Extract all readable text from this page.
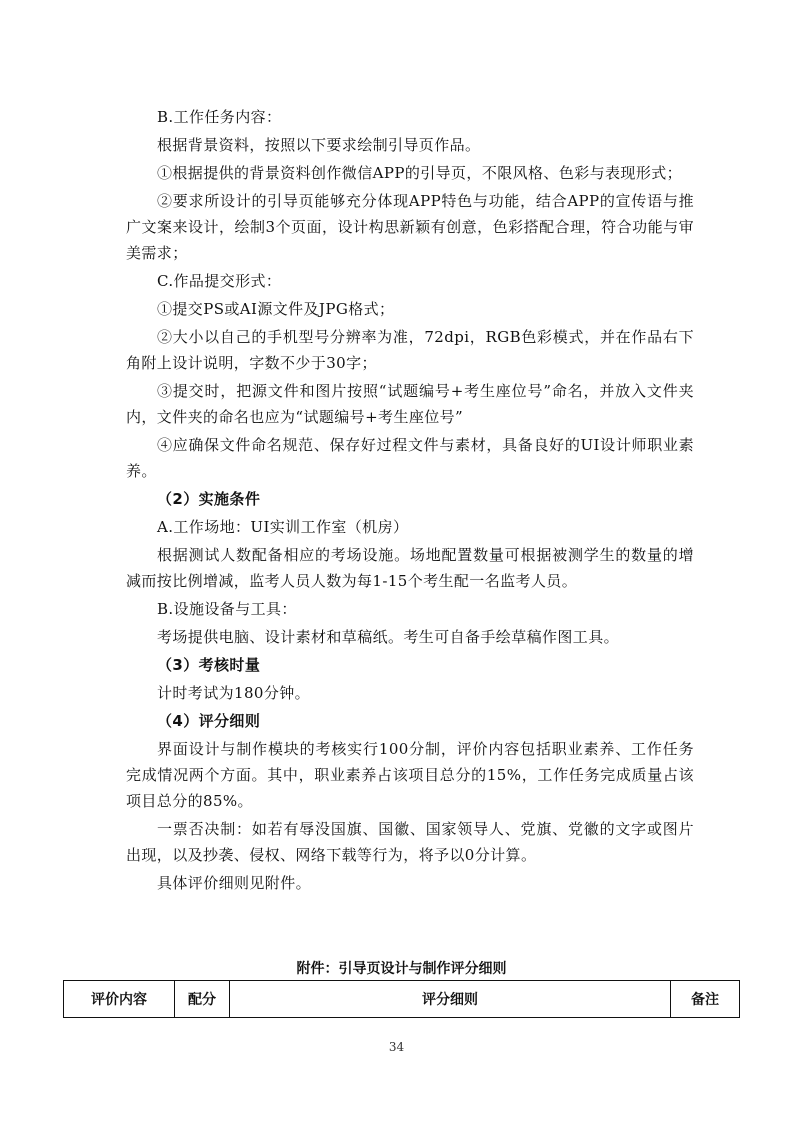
B.工作任务内容：

根据背景资料，按照以下要求绘制引导页作品。

①根据提供的背景资料创作微信APP的引导页，不限风格、色彩与表现形式；

②要求所设计的引导页能够充分体现APP特色与功能，结合APP的宣传语与推广文案来设计，绘制3个页面，设计构思新颖有创意，色彩搭配合理，符合功能与审美需求；

C.作品提交形式：

①提交PS或AI源文件及JPG格式；

②大小以自己的手机型号分辨率为准，72dpi，RGB色彩模式，并在作品右下角附上设计说明，字数不少于30字；

③提交时，把源文件和图片按照“试题编号+考生座位号”命名，并放入文件夹内，文件夹的命名也应为“试题编号+考生座位号”

④应确保文件命名规范、保存好过程文件与素材，具备良好的UI设计师职业素养。

（2）实施条件

A.工作场地：UI实训工作室（机房）

根据测试人数配备相应的考场设施。场地配置数量可根据被测学生的数量的增减而按比例增减，监考人员人数为每1-15个考生配一名监考人员。

B.设施设备与工具：

考场提供电脑、设计素材和草稿纸。考生可自备手绘草稿作图工具。

（3）考核时量

计时考试为180分钟。

（4）评分细则

界面设计与制作模块的考核实行100分制，评价内容包括职业素养、工作任务完成情况两个方面。其中，职业素养占该项目总分的15%，工作任务完成质量占该项目总分的85%。

一票否决制：如若有辱没国旗、国徽、国家领导人、党旗、党徽的文字或图片出现，以及抄袭、侵权、网络下载等行为，将予以0分计算。

具体评价细则见附件。

附件：引导页设计与制作评分细则
评价内容	配分	评分细则	备注
34
